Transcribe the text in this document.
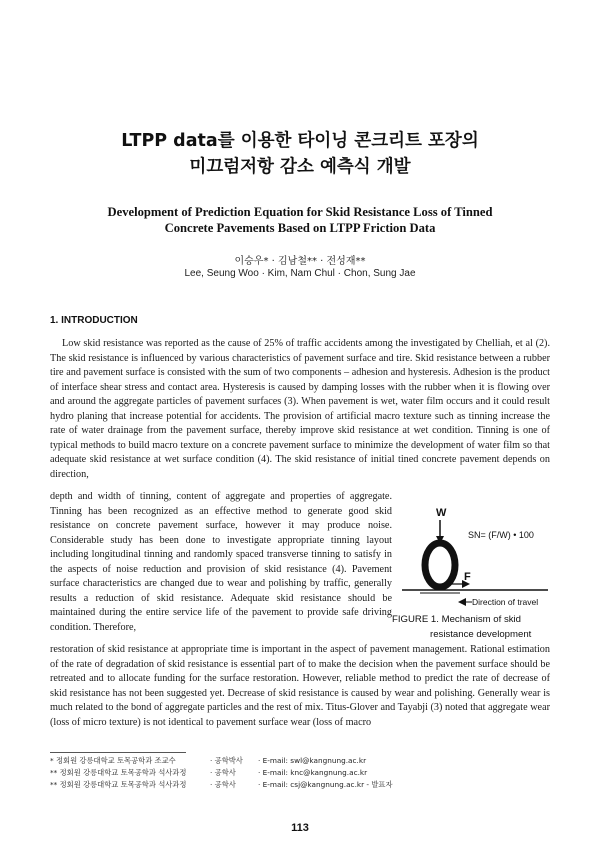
LTPP data를 이용한 타이닝 콘크리트 포장의
미끄럼저항 감소 예측식 개발
Development of Prediction Equation for Skid Resistance Loss of Tinned
Concrete Pavements Based on LTPP Friction Data
이승우* · 김남철** · 전성재**
Lee, Seung Woo · Kim, Nam Chul · Chon, Sung Jae
1. INTRODUCTION
Low skid resistance was reported as the cause of 25% of traffic accidents among the investigated by Chelliah, et al (2). The skid resistance is influenced by various characteristics of pavement surface and tire. Skid resistance between a rubber tire and pavement surface is consisted with the sum of two components – adhesion and hysteresis. Adhesion is the product of interface shear stress and contact area. Hysteresis is caused by damping losses with the rubber when it is flowing over and around the aggregate particles of pavement surfaces (3). When pavement is wet, water film occurs and it could result hydro planing that increase potential for accidents. The provision of artificial macro texture such as tinning increase the rate of water drainage from the pavement surface, thereby improve skid resistance at wet condition. Tinning is one of typical methods to build macro texture on a concrete pavement surface to minimize the development of water film so that adequate skid resistance at wet surface condition (4). The skid resistance of initial tined concrete pavement depends on direction,
depth and width of tinning, content of aggregate and properties of aggregate. Tinning has been recognized as an effective method to generate good skid resistance on concrete pavement surface, however it may produce noise. Considerable study has been done to investigate appropriate tinning layout including longitudinal tinning and randomly spaced transverse tinning to satisfy in the aspects of noise reduction and provision of skid resistance (4). Pavement surface characteristics are changed due to wear and polishing by traffic, generally results a reduction of skid resistance. Adequate skid resistance should be maintained during the entire service life of the pavement to provide safe driving condition. Therefore,
restoration of skid resistance at appropriate time is important in the aspect of pavement management. Rational estimation of the rate of degradation of skid resistance is essential part of to make the decision when the pavement surface should be retreated and to allocate funding for the surface restoration. However, reliable method to predict the rate of decrease of skid resistance has not been suggested yet. Decrease of skid resistance is caused by wear and polishing. Generally wear is much related to the bond of aggregate particles and the rest of mix. Titus-Glover and Tayabji (3) noted that aggregate wear (loss of micro texture) is not identical to pavement surface wear (loss of macro
W
F
SN= (F/W) • 100
Direction of travel
FIGURE 1. Mechanism of skid
resistance development
* 정회원 강릉대학교 토목공학과 조교수	· 공학박사	· E-mail: swl@kangnung.ac.kr
** 정회원 강릉대학교 토목공학과 석사과정	· 공학사	· E-mail: knc@kangnung.ac.kr
** 정회원 강릉대학교 토목공학과 석사과정	· 공학사	· E-mail: csj@kangnung.ac.kr - 발표자
113
